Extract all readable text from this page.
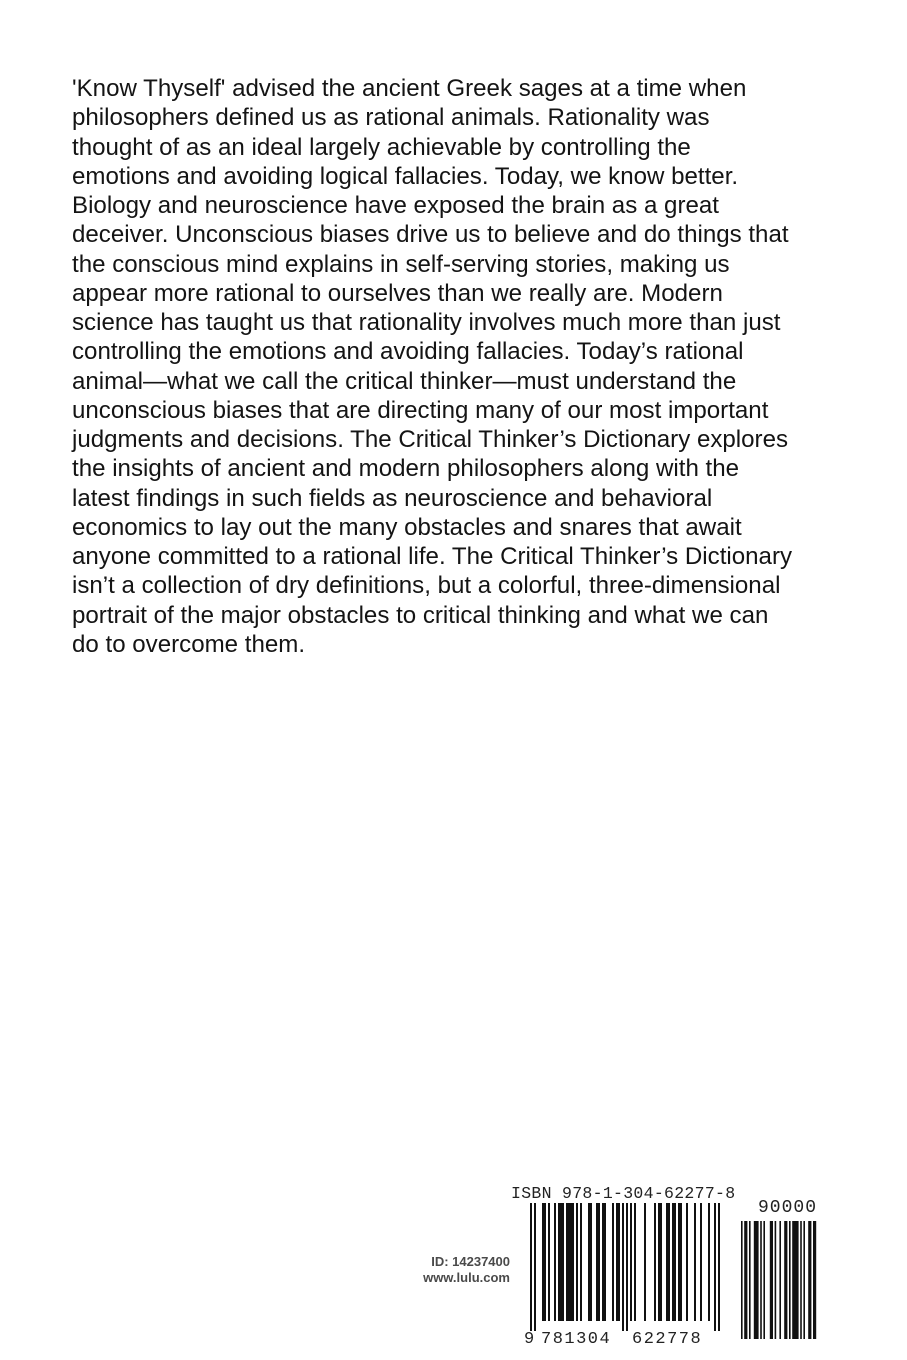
'Know Thyself' advised the ancient Greek sages at a time when
philosophers defined us as rational animals. Rationality was
thought of as an ideal largely achievable by controlling the
emotions and avoiding logical fallacies. Today, we know better.
Biology and neuroscience have exposed the brain as a great
deceiver. Unconscious biases drive us to believe and do things that
the conscious mind explains in self-serving stories, making us
appear more rational to ourselves than we really are. Modern
science has taught us that rationality involves much more than just
controlling the emotions and avoiding fallacies. Today’s rational
animal—what we call the critical thinker—must understand the
unconscious biases that are directing many of our most important
judgments and decisions. The Critical Thinker’s Dictionary explores
the insights of ancient and modern philosophers along with the
latest findings in such fields as neuroscience and behavioral
economics to lay out the many obstacles and snares that await
anyone committed to a rational life. The Critical Thinker’s Dictionary
isn’t a collection of dry definitions, but a colorful, three-dimensional
portrait of the major obstacles to critical thinking and what we can
do to overcome them.
ID: 14237400
www.lulu.com
ISBN 978-1-304-62277-8
90000
9 781304 622778
